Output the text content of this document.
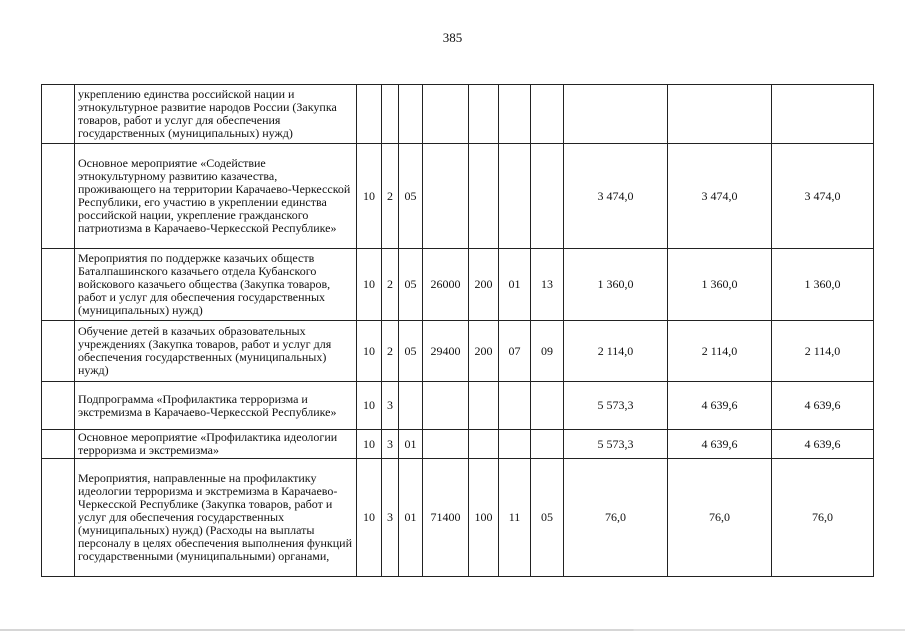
385
	укреплению единства российской нации и этнокультурное развитие народов России (Закупка товаров, работ и услуг для обеспечения государственных (муниципальных) нужд)										
	Основное мероприятие «Содействие этнокультурному развитию казачества, проживающего на территории Карачаево-Черкесской Республики, его участию в укреплении единства российской нации, укрепление гражданского патриотизма в Карачаево-Черкесской Республике»	10	2	05					3 474,0	3 474,0	3 474,0
	Мероприятия по поддержке казачьих обществ Баталпашинского казачьего отдела Кубанского войскового казачьего общества (Закупка товаров, работ и услуг для обеспечения государственных (муниципальных) нужд)	10	2	05	26000	200	01	13	1 360,0	1 360,0	1 360,0
	Обучение детей в казачьих образовательных учреждениях (Закупка товаров, работ и услуг для обеспечения государственных (муниципальных) нужд)	10	2	05	29400	200	07	09	2 114,0	2 114,0	2 114,0
	Подпрограмма «Профилактика терроризма и экстремизма в Карачаево-Черкесской Республике»	10	3						5 573,3	4 639,6	4 639,6
	Основное мероприятие «Профилактика идеологии терроризма и экстремизма»	10	3	01					5 573,3	4 639,6	4 639,6
	Мероприятия, направленные на профилактику идеологии терроризма и экстремизма в Карачаево-Черкесской Республике (Закупка товаров, работ и услуг для обеспечения государственных (муниципальных) нужд) (Расходы на выплаты персоналу в целях обеспечения выполнения функций государственными (муниципальными) органами,	10	3	01	71400	100	11	05	76,0	76,0	76,0
